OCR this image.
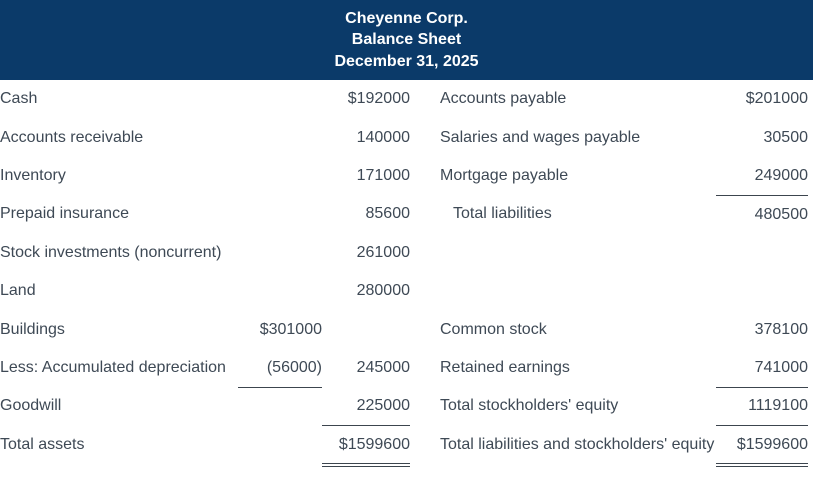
Cheyenne Corp.
Balance Sheet
December 31, 2025
Cash		$192000		Accounts payable	$201000
Accounts receivable		140000		Salaries and wages payable	30500
Inventory		171000		Mortgage payable	249000
Prepaid insurance		85600		Total liabilities	480500
Stock investments (noncurrent)		261000			
Land		280000			
Buildings	$301000			Common stock	378100
Less: Accumulated depreciation	(56000)	245000		Retained earnings	741000
Goodwill		225000		Total stockholders' equity	1119100
Total assets		$1599600		Total liabilities and stockholders' equity	$1599600
